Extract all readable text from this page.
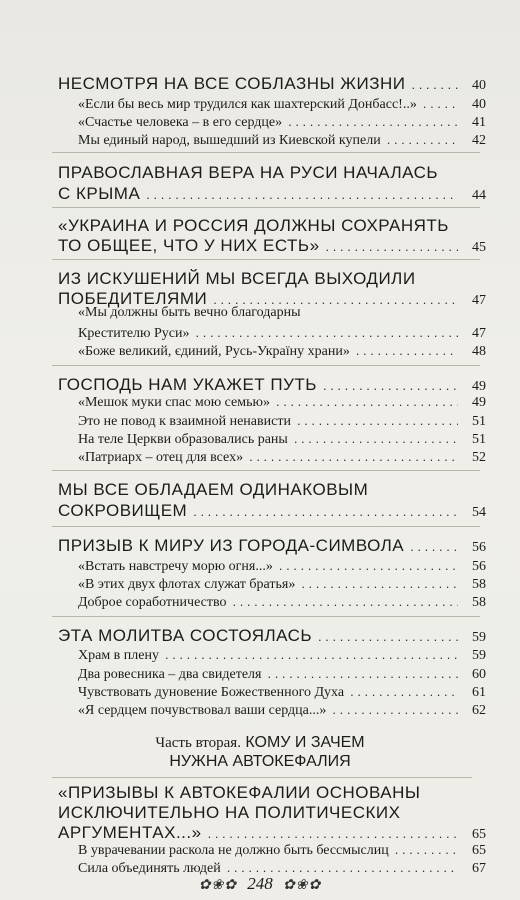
НЕСМОТРЯ НА ВСЕ СОБЛАЗНЫ ЖИЗНИ . . .	40
«Если бы весь мир трудился как шахтерский Донбасс!..» . . .	40
«Счастье человека – в его сердце» . . .	41
Мы единый народ, вышедший из Киевской купели . . .	42
ПРАВОСЛАВНАЯ ВЕРА НА РУСИ НАЧАЛАСЬ
С КРЫМА . . .	44
«УКРАИНА И РОССИЯ ДОЛЖНЫ СОХРАНЯТЬ
ТО ОБЩЕЕ, ЧТО У НИХ ЕСТЬ» . . .	45
ИЗ ИСКУШЕНИЙ МЫ ВСЕГДА ВЫХОДИЛИ
ПОБЕДИТЕЛЯМИ . . .	47
«Мы должны быть вечно благодарны
Крестителю Руси» . . .	47
«Боже великий, єдиний, Русь-Україну храни» . . .	48
ГОСПОДЬ НАМ УКАЖЕТ ПУТЬ . . .	49
«Мешок муки спас мою семью» . . .	49
Это не повод к взаимной ненависти . . .	51
На теле Церкви образовались раны . . .	51
«Патриарх – отец для всех» . . .	52
МЫ ВСЕ ОБЛАДАЕМ ОДИНАКОВЫМ
СОКРОВИЩЕМ . . .	54
ПРИЗЫВ К МИРУ ИЗ ГОРОДА-СИМВОЛА . . .	56
«Встать навстречу морю огня...» . . .	56
«В этих двух флотах служат братья» . . .	58
Доброе соработничество . . .	58
ЭТА МОЛИТВА СОСТОЯЛАСЬ . . .	59
Храм в плену . . .	59
Два ровесника – два свидетеля . . .	60
Чувствовать дуновение Божественного Духа . . .	61
«Я сердцем почувствовал ваши сердца...» . . .	62
Часть вторая. КОМУ И ЗАЧЕМ
НУЖНА АВТОКЕФАЛИЯ
«ПРИЗЫВЫ К АВТОКЕФАЛИИ ОСНОВАНЫ
ИСКЛЮЧИТЕЛЬНО НА ПОЛИТИЧЕСКИХ
АРГУМЕНТАХ...» . . .	65
В уврачевании раскола не должно быть бессмыслиц . . .	65
Сила объединять людей . . .	67
✿❀✿ 248 ✿❀✿
